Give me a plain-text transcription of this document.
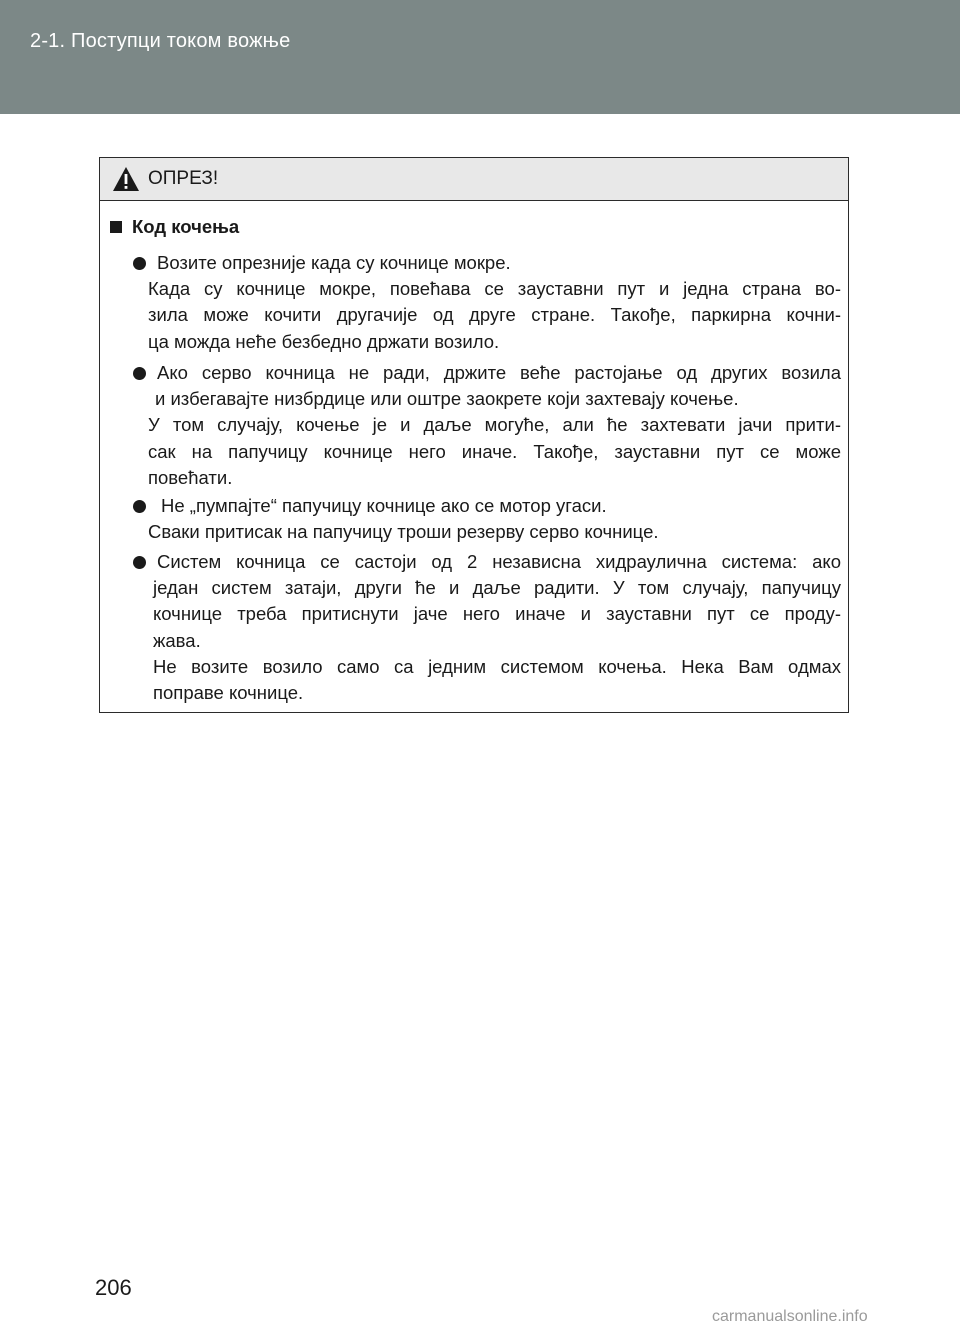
2-1. Поступци током вожње
ОПРЕЗ!
Код кочења
Возите опрезније када су кочнице мокре.
Када су кочнице мокре, повећава се зауставни пут и једна страна во-
зила може кочити другачије од друге стране. Такође, паркирна кочни-
ца можда неће безбедно држати возило.
Ако серво кочница не ради, држите веће растојање од других возила
и избегавајте низбрдице или оштре заокрете који захтевају кочење.
У том случају, кочење је и даље могуће, али ће захтевати јачи прити-
сак на папучицу кочнице него иначе. Такође, зауставни пут се може
повећати.
Не „пумпајте“ папучицу кочнице ако се мотор угаси.
Сваки притисак на папучицу троши резерву серво кочнице.
Систем кочница се састоји од 2 независна хидраулична система: ако
један систем затаји, други ће и даље радити. У том случају, папучицу
кочнице треба притиснути јаче него иначе и зауставни пут се проду-
жава.
Не возите возило само са једним системом кочења. Нека Вам одмах
поправе кочнице.
206
carmanualsonline.info
